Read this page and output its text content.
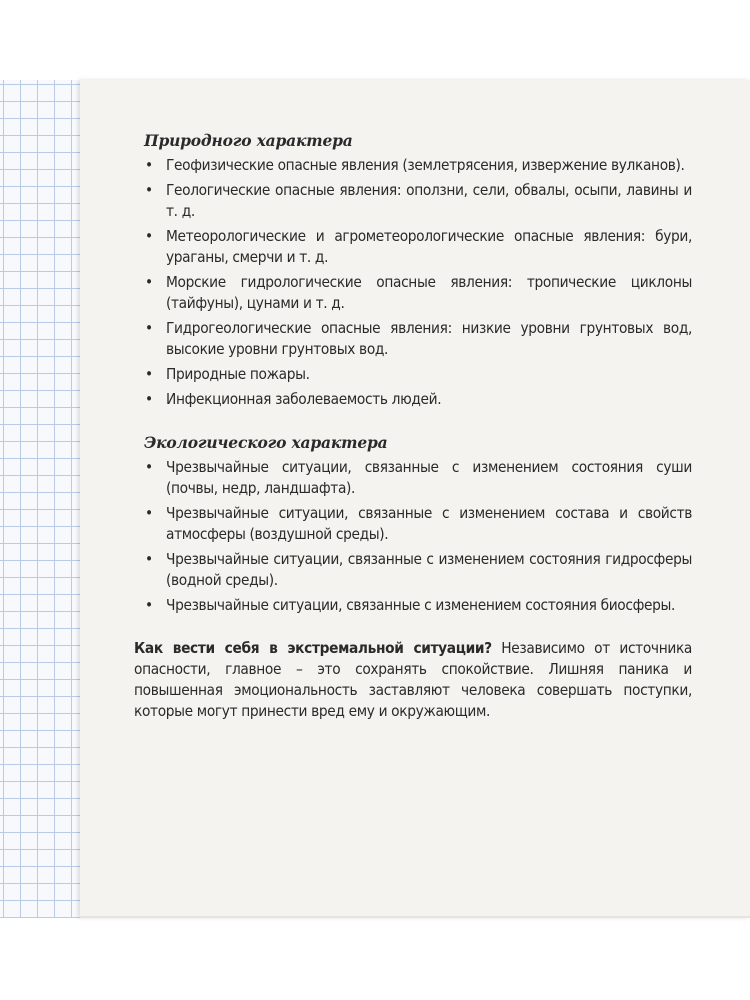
Природного характера
• Геофизические опасные явления (землетрясения, извержение вулканов).
• Геологические опасные явления: оползни, сели, обвалы, осыпи, лавины и т. д.
• Метеорологические и агрометеорологические опасные явления: бури, ураганы, смерчи и т. д.
• Морские гидрологические опасные явления: тропические циклоны (тайфуны), цунами и т. д.
• Гидрогеологические опасные явления: низкие уровни грунтовых вод, высокие уровни грунтовых вод.
• Природные пожары.
• Инфекционная заболеваемость людей.
Экологического характера
• Чрезвычайные ситуации, связанные с изменением состояния суши (почвы, недр, ландшафта).
• Чрезвычайные ситуации, связанные с изменением состава и свойств атмосферы (воздушной среды).
• Чрезвычайные ситуации, связанные с изменением состояния гидросферы (водной среды).
• Чрезвычайные ситуации, связанные с изменением состояния биосферы.

Как вести себя в экстремальной ситуации? Независимо от источника опасности, главное – это сохранять спокойствие. Лишняя паника и повышенная эмоциональность заставляют человека совершать поступки, которые могут принести вред ему и окружающим.
